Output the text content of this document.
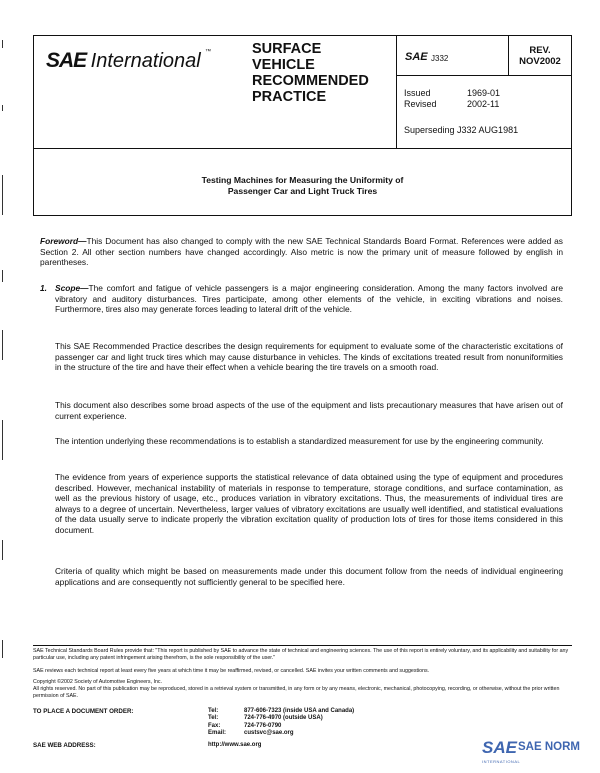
SAE International ™	SURFACE
VEHICLE
RECOMMENDED
PRACTICE
SAE J332
REV.
NOV2002
Issued	1969-01
Revised	2002-11
Superseding J332 AUG1981
Testing Machines for Measuring the Uniformity of
Passenger Car and Light Truck Tires
Foreword—This Document has also changed to comply with the new SAE Technical Standards Board Format. References were added as Section 2. All other section numbers have changed accordingly. Also metric is now the primary unit of measure followed by english in parentheses.
1. Scope—The comfort and fatigue of vehicle passengers is a major engineering consideration. Among the many factors involved are vibratory and auditory disturbances. Tires participate, among other elements of the vehicle, in exciting vibrations and noises. Furthermore, tires also may generate forces leading to lateral drift of the vehicle.
This SAE Recommended Practice describes the design requirements for equipment to evaluate some of the characteristic excitations of passenger car and light truck tires which may cause disturbance in vehicles. The kinds of excitations treated result from nonuniformities in the structure of the tire and have their effect when a vehicle bearing the tire travels on a smooth road.
This document also describes some broad aspects of the use of the equipment and lists precautionary measures that have arisen out of current experience.
The intention underlying these recommendations is to establish a standardized measurement for use by the engineering community.
The evidence from years of experience supports the statistical relevance of data obtained using the type of equipment and procedures described. However, mechanical instability of materials in response to temperature, storage conditions, and surface contamination, as well as the previous history of usage, etc., produces variation in vibratory excitations. Thus, the measurements of individual tires are always to a degree of uncertain. Nevertheless, larger values of vibratory excitations are usually well identified, and statistical evaluations of the data usually serve to indicate properly the vibration excitation quality of production lots of tires for those items considered in this document.
Criteria of quality which might be based on measurements made under this document follow from the needs of individual engineering applications and are consequently not sufficiently general to be specified here.
SAE Technical Standards Board Rules provide that: "This report is published by SAE to advance the state of technical and engineering sciences. The use of this report is entirely voluntary, and its applicability and suitability for any particular use, including any patent infringement arising therefrom, is the sole responsibility of the user."
SAE reviews each technical report at least every five years at which time it may be reaffirmed, revised, or cancelled. SAE invites your written comments and suggestions.
Copyright ©2002 Society of Automotive Engineers, Inc.
All rights reserved. No part of this publication may be reproduced, stored in a retrieval system or transmitted, in any form or by any means, electronic, mechanical, photocopying, recording, or otherwise, without the prior written permission of SAE.
TO PLACE A DOCUMENT ORDER:	Tel:	877-606-7323 (inside USA and Canada)
Tel:	724-776-4970 (outside USA)
Fax:	724-776-0790
Email:	custsvc@sae.org
SAE WEB ADDRESS:	http://www.sae.org	SAE SAE NORM
INTERNATIONAL
